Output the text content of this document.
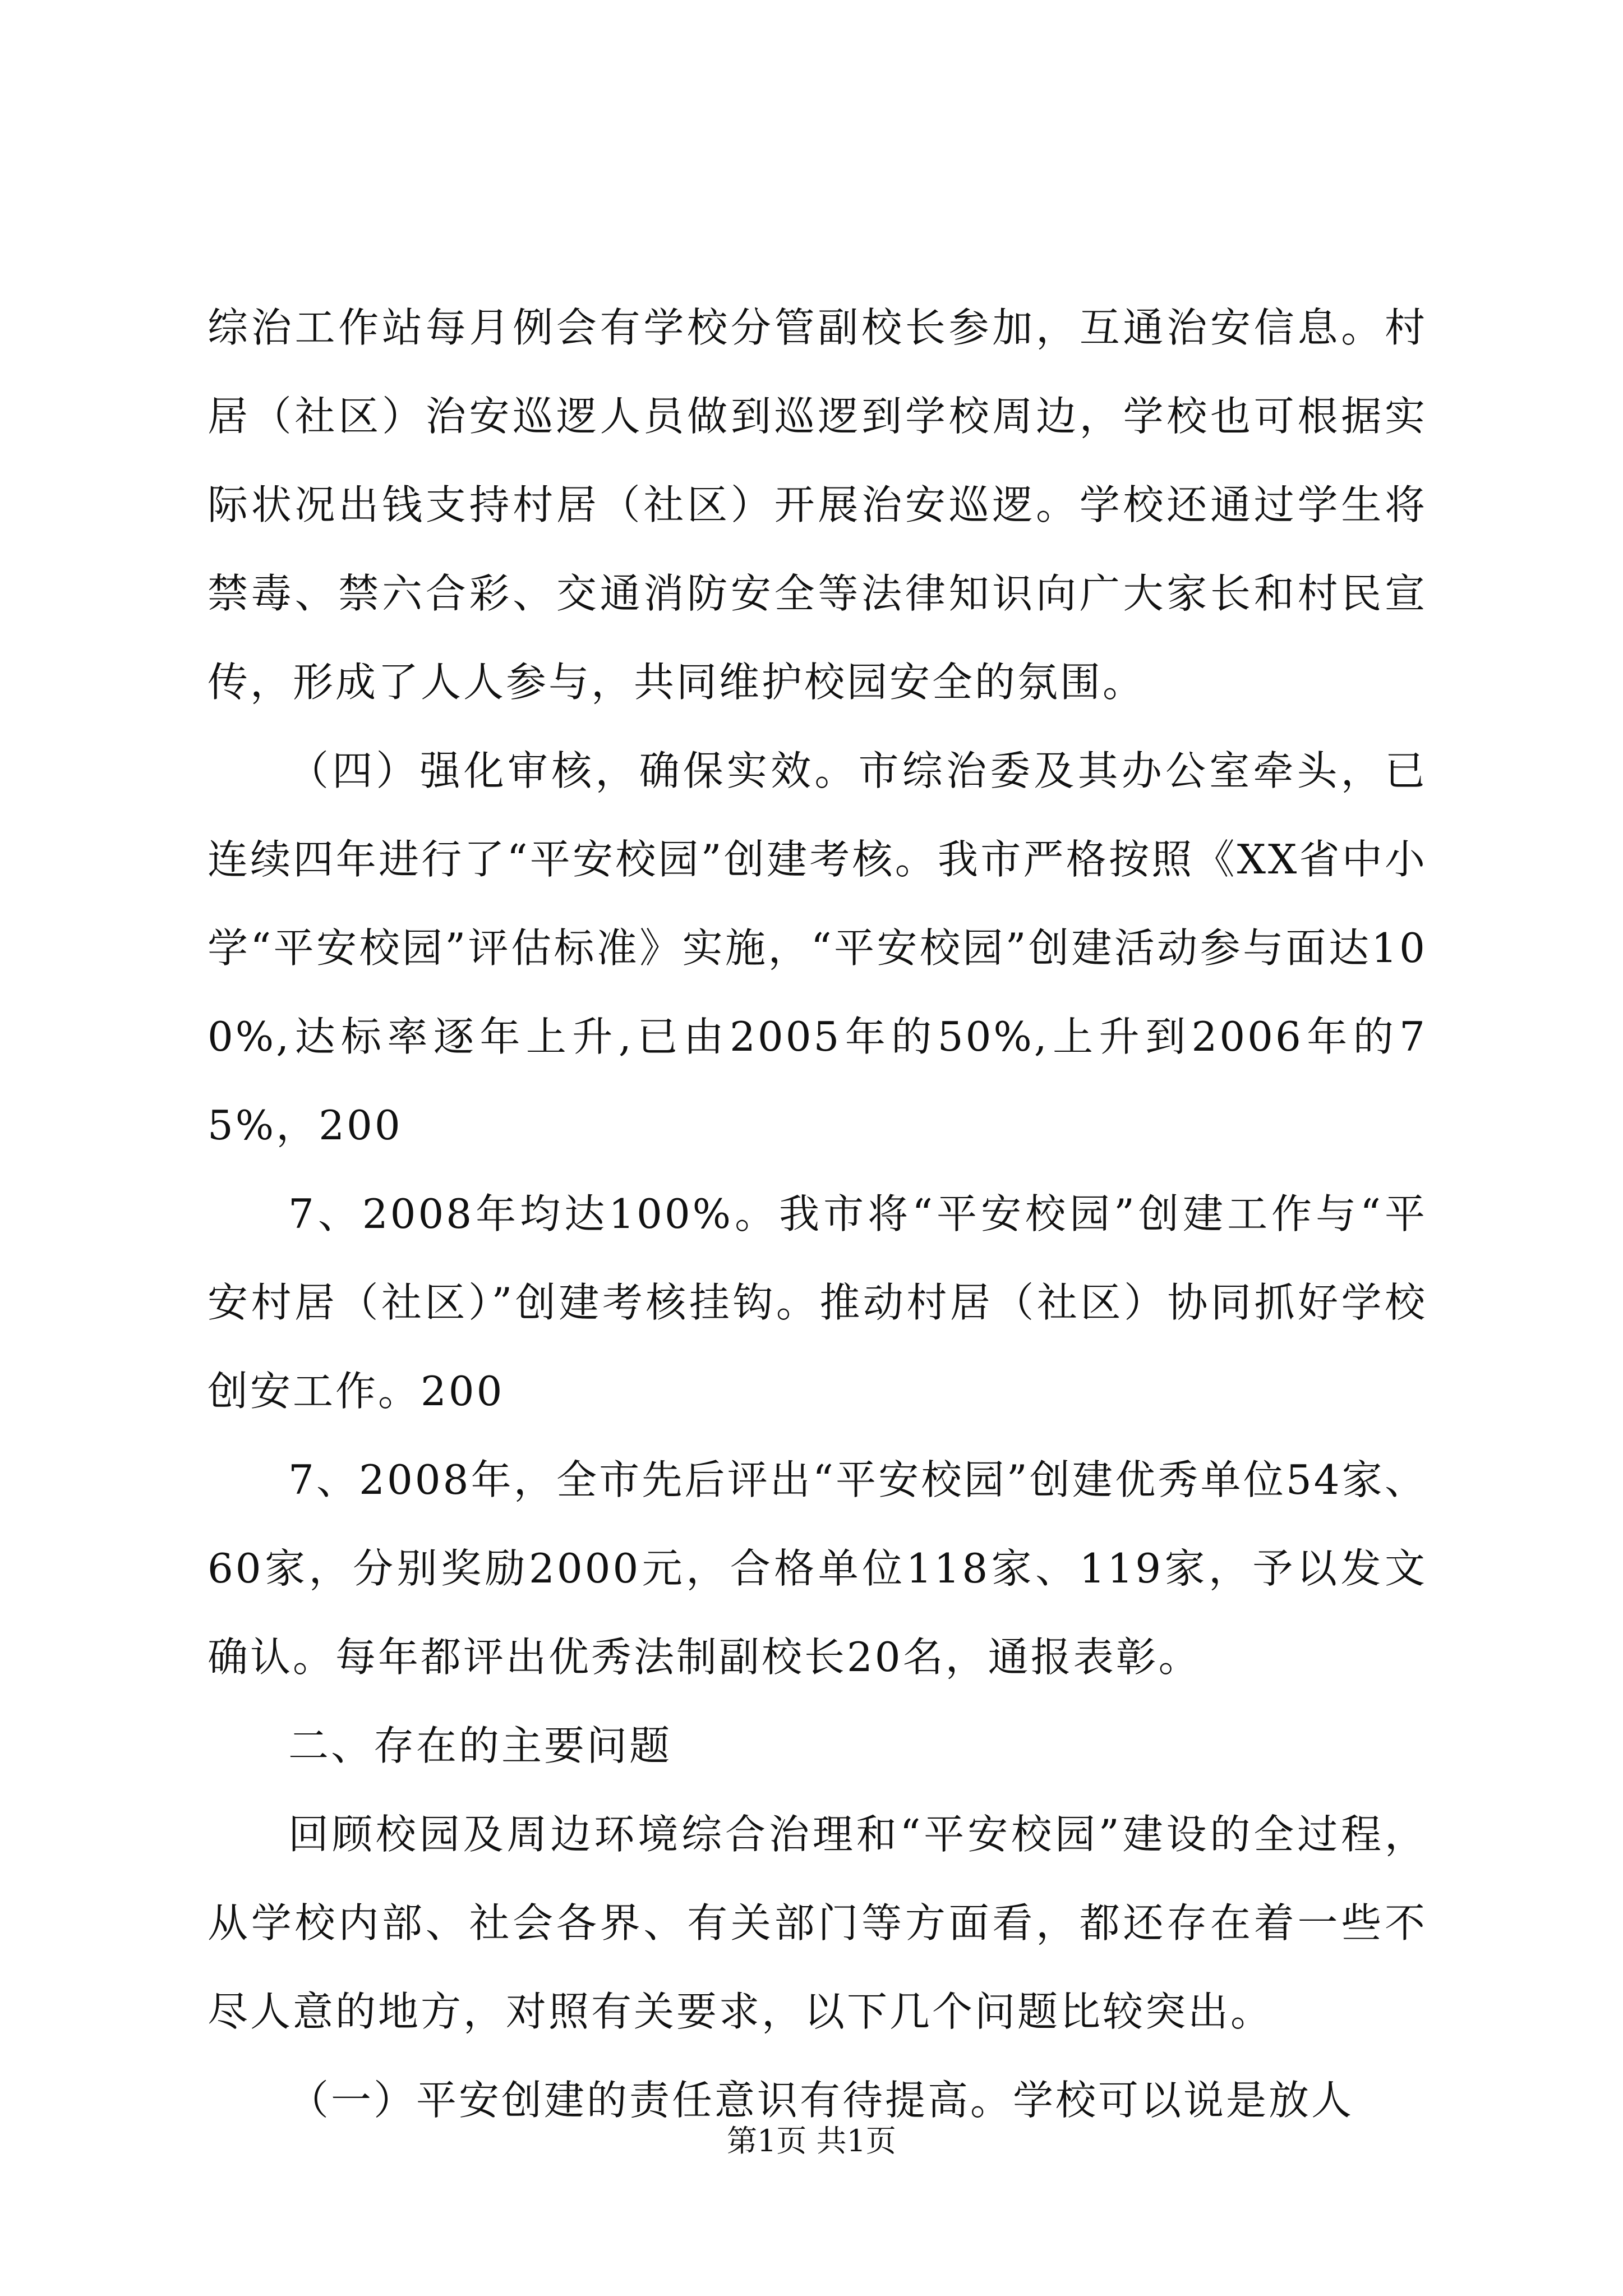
综治工作站每月例会有学校分管副校长参加，互通治安信息。村居（社区）治安巡逻人员做到巡逻到学校周边，学校也可根据实际状况出钱支持村居（社区）开展治安巡逻。学校还通过学生将禁毒、禁六合彩、交通消防安全等法律知识向广大家长和村民宣传，形成了人人参与，共同维护校园安全的氛围。

（四）强化审核，确保实效。市综治委及其办公室牵头，已连续四年进行了“平安校园”创建考核。我市严格按照《XX省中小学“平安校园”评估标准》实施，“平安校园”创建活动参与面达100%,达标率逐年上升,已由2005年的50%,上升到2006年的75%，200

7、2008年均达100%。我市将“平安校园”创建工作与“平安村居（社区）”创建考核挂钩。推动村居（社区）协同抓好学校创安工作。200

7、2008年，全市先后评出“平安校园”创建优秀单位54家、60家，分别奖励2000元，合格单位118家、119家，予以发文确认。每年都评出优秀法制副校长20名，通报表彰。

二、存在的主要问题

回顾校园及周边环境综合治理和“平安校园”建设的全过程，从学校内部、社会各界、有关部门等方面看，都还存在着一些不尽人意的地方，对照有关要求，以下几个问题比较突出。

（一）平安创建的责任意识有待提高。学校可以说是放人

第1页 共1页
